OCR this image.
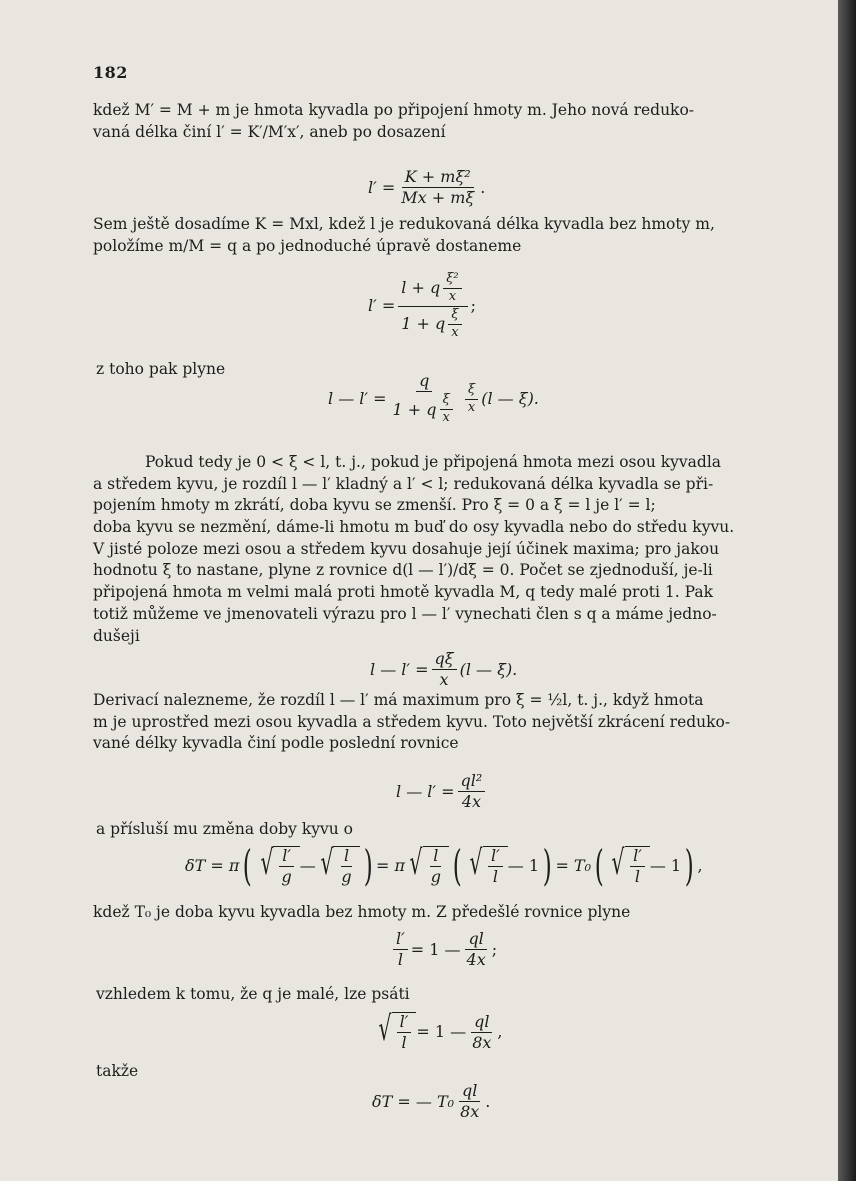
182
kdež M′ = M + m je hmota kyvadla po připojení hmoty m. Jeho nová reduko-
vaná délka činí l′ = K′/M′x′, aneb po dosazení
$l' = \frac{\text{K + mξ²}}{Mx + m\xi}$ .
Sem ještě dosadíme K = Mxl, kdež l je redukovaná délka kyvadla bez hmoty m,
položíme m/M = q a po jednoduché úpravě dostaneme
$l' = \frac{l + q \frac{\text{ξ²}}{x}}{1 + q \frac{\xi}{x}}$ ;
z toho pak plyne
l — $l' = \frac{q}{1 + q \frac{\xi}{x}} \frac{\xi}{x} (l$ — ξ).
Pokud tedy je 0 < ξ < l, t. j., pokud je připojená hmota mezi osou kyvadla
a středem kyvu, je rozdíl l — l′ kladný a l′ < l; redukovaná délka kyvadla se při-
pojením hmoty m zkrátí, doba kyvu se zmenší. Pro ξ = 0 a ξ = l je l′ = l;
doba kyvu se nezmění, dáme-li hmotu m buď do osy kyvadla nebo do středu kyvu.
V jisté poloze mezi osou a středem kyvu dosahuje její účinek maxima; pro jakou
hodnotu ξ to nastane, plyne z rovnice d(l — l′)/dξ = 0. Počet se zjednoduší, je-li
připojená hmota m velmi malá proti hmotě kyvadla M, q tedy malé proti 1. Pak
totiž můžeme ve jmenovateli výrazu pro l — l′ vynechati člen s q a máme jedno-
dušeji
l — $l' = \frac{q\xi}{x} (l$ — ξ).
Derivací nalezneme, že rozdíl l — l′ má maximum pro ξ = ½l, t. j., když hmota
m je uprostřed mezi osou kyvadla a středem kyvu. Toto největší zkrácení reduko-
vané délky kyvadla činí podle poslední rovnice
l — $l' = \frac{\text{ql²}}{4x}$
a přísluší mu změna doby kyvu o
δT = π ( √ $\frac{l'}{g}$ — √ $\frac{l}{g}$ ) = π √ $\frac{l}{g}$ ( √ $\frac{l'}{l}$ — 1 ) = T₀ ( √ $\frac{l'}{l}$ — 1 ) ,
kdež T₀ je doba kyvu kyvadla bez hmoty m. Z předešlé rovnice plyne
$\frac{l'}{l} = 1$ — $\frac{ql}{4x}$ ;
vzhledem k tomu, že q je malé, lze psáti
√ $\frac{l'}{l} = 1$ — $\frac{ql}{8x}$ ,
takže
δT = — $T_0 \frac{ql}{8x}$ .
